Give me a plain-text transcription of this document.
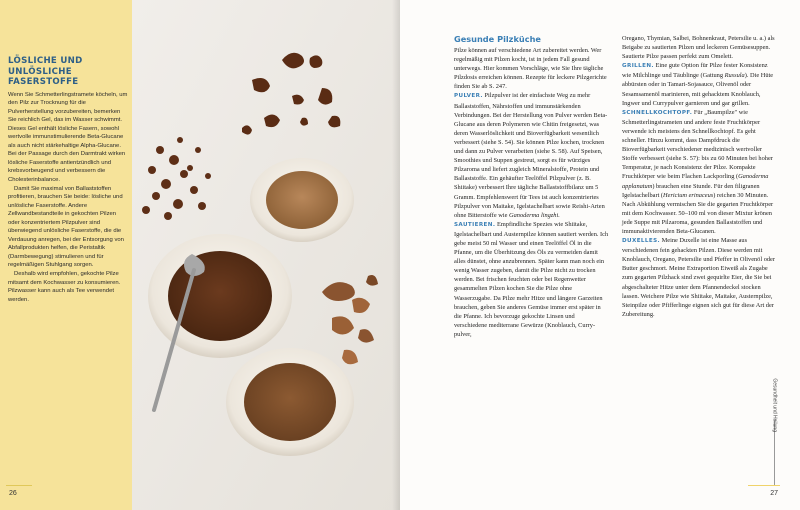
LÖSLICHE UND UNLÖSLICHE FASERSTOFFE

Wenn Sie Schmetterlingstramete köcheln, um den Pilz zur Trocknung für die Pulverherstellung vorzubereiten, bemerken Sie reichlich Gel, das im Wasser schwimmt. Dieses Gel enthält lösliche Fasern, sowohl wertvolle immunstimulierende Beta-Glucane als auch nicht stärkehaltige Alpha-Glucane. Bei der Passage durch den Darmtrakt wirken lösliche Faserstoffe antientzündlich und krebsvorbeugend und verbessern die Cholesterinbalance.

Damit Sie maximal von Ballaststoffen profitieren, brauchen Sie beide: lösliche und unlösliche Faserstoffe. Andere Zellwandbestandteile in gekochten Pilzen oder konzentriertem Pilzpulver sind überwiegend unlösliche Faserstoffe, die die Verdauung anregen, bei der Entsorgung von Abfallprodukten helfen, die Peristaltik (Darmbewegung) stimulieren und für regelmäßigen Stuhlgang sorgen.

Deshalb wird empfohlen, gekochte Pilze mitsamt dem Kochwasser zu konsumieren. Pilzwasser kann auch als Tee verwendet werden.

26
Gesunde Pilzküche

Pilze können auf verschiedene Art zubereitet werden. Wer regelmäßig mit Pilzen kocht, ist in jedem Fall gesund unterwegs. Hier kommen Vorschläge, wie Sie Ihre tägliche Pilzdosis erreichen können. Rezepte für leckere Pilzgerichte finden Sie ab S. 247.

PULVER. Pilzpulver ist der einfachste Weg zu mehr Ballaststoffen, Nährstoffen und immunstärkenden Verbindungen. Bei der Herstellung von Pulver werden Beta-Glucane aus deren Polymeren wie Chitin freigesetzt, was deren Wasserlöslichkeit und Bioverfügbarkeit wesentlich verbessert (siehe S. 54). Sie können Pilze kochen, trocknen und dann zu Pulver verarbeiten (siehe S. 58). Auf Speisen, Smoothies und Suppen gestreut, sorgt es für würziges Pilzaroma und liefert zugleich Mineralstoffe, Protein und Ballaststoffe. Ein gehäufter Teelöffel Pilzpulver (z. B. Shiitake) verbessert Ihre tägliche Ballaststoffbilanz um 5 Gramm. Empfehlenswert für Tees ist auch konzentriertes Pilzpulver von Maitake, Igelstachelbart sowie Reishi-Arten ohne Bitterstoffe wie Ganoderma lingzhi.

SAUTIEREN. Empfindliche Spezies wie Shiitake, Igelstachelbart und Austernpilze können sautiert werden. Ich gebe meist 50 ml Wasser und einen Teelöffel Öl in die Pfanne, um die Überhitzung des Öls zu vermeiden damit alles dünstet, ohne anzubrennen. Später kann man noch ein wenig Wasser zugeben, damit die Pilze nicht zu trocken werden. Bei frischen feuchten oder bei Regenwetter gesammelten Pilzen kochen Sie die Pilze ohne Wasserzugabe. Da Pilze mehr Hitze und längere Garzeiten brauchen, geben Sie anderes Gemüse immer erst später in die Pfanne. Ich bevorzuge gekochte Linsen und verschiedene mediterrane Gewürze (Knoblauch, Currypulver,

Oregano, Thymian, Salbei, Bohnenkraut, Petersilie u. a.) als Beigabe zu sautierten Pilzen und leckeren Gemüsesuppen. Sautierte Pilze passen perfekt zum Omelett.

GRILLEN. Eine gute Option für Pilze fester Konsistenz wie Milchlinge und Täublinge (Gattung Russula). Die Hüte abbürsten oder in Tamari-Sojasauce, Olivenöl oder Sesamsamenöl marinieren, mit gehacktem Knoblauch, Ingwer und Currypulver garnieren und gar grillen.

SCHNELLKOCHTOPF. Für „Baumpilze" wie Schmetterlingstrameten und andere feste Fruchtkörper verwende ich meistens den Schnellkochtopf. Es geht schneller. Hinzu kommt, dass Dampfdruck die Bioverfügbarkeit verschiedener medizinisch wertvoller Stoffe verbessert (siehe S. 57): bis zu 60 Minuten bei hoher Temperatur, je nach Konsistenz der Pilze. Kompakte Fruchtkörper wie beim Flachen Lackporling (Ganoderma applanatum) brauchen eine Stunde. Für den filigranen Igelstachelbart (Hericium erinaceus) reichen 30 Minuten. Nach Abkühlung vermischen Sie die gegarten Fruchtkörper mit dem Kochwasser. 50–100 ml von dieser Mixtur krönen jede Suppe mit Pilzaroma, gesunden Ballaststoffen und immunaktivierenden Beta-Glucanen.

DUXELLES. Meine Duxelle ist eine Masse aus verschiedenen fein gehackten Pilzen. Diese werden mit Knoblauch, Oregano, Petersilie und Pfeffer in Olivenöl oder Butter geschmort. Meine Extraportion Eiweiß als Zugabe zum gegarten Pilzhack sind zwei gequirlte Eier, die Sie bei abgeschalteter Hitze unter dem Pfannendeckel stocken lassen. Weichere Pilze wie Shiitake, Maitake, Austernpilze, Steinpilze oder Pfifferlinge eignen sich gut für diese Art der Zubereitung.

Gesundheit und Heilung
27
